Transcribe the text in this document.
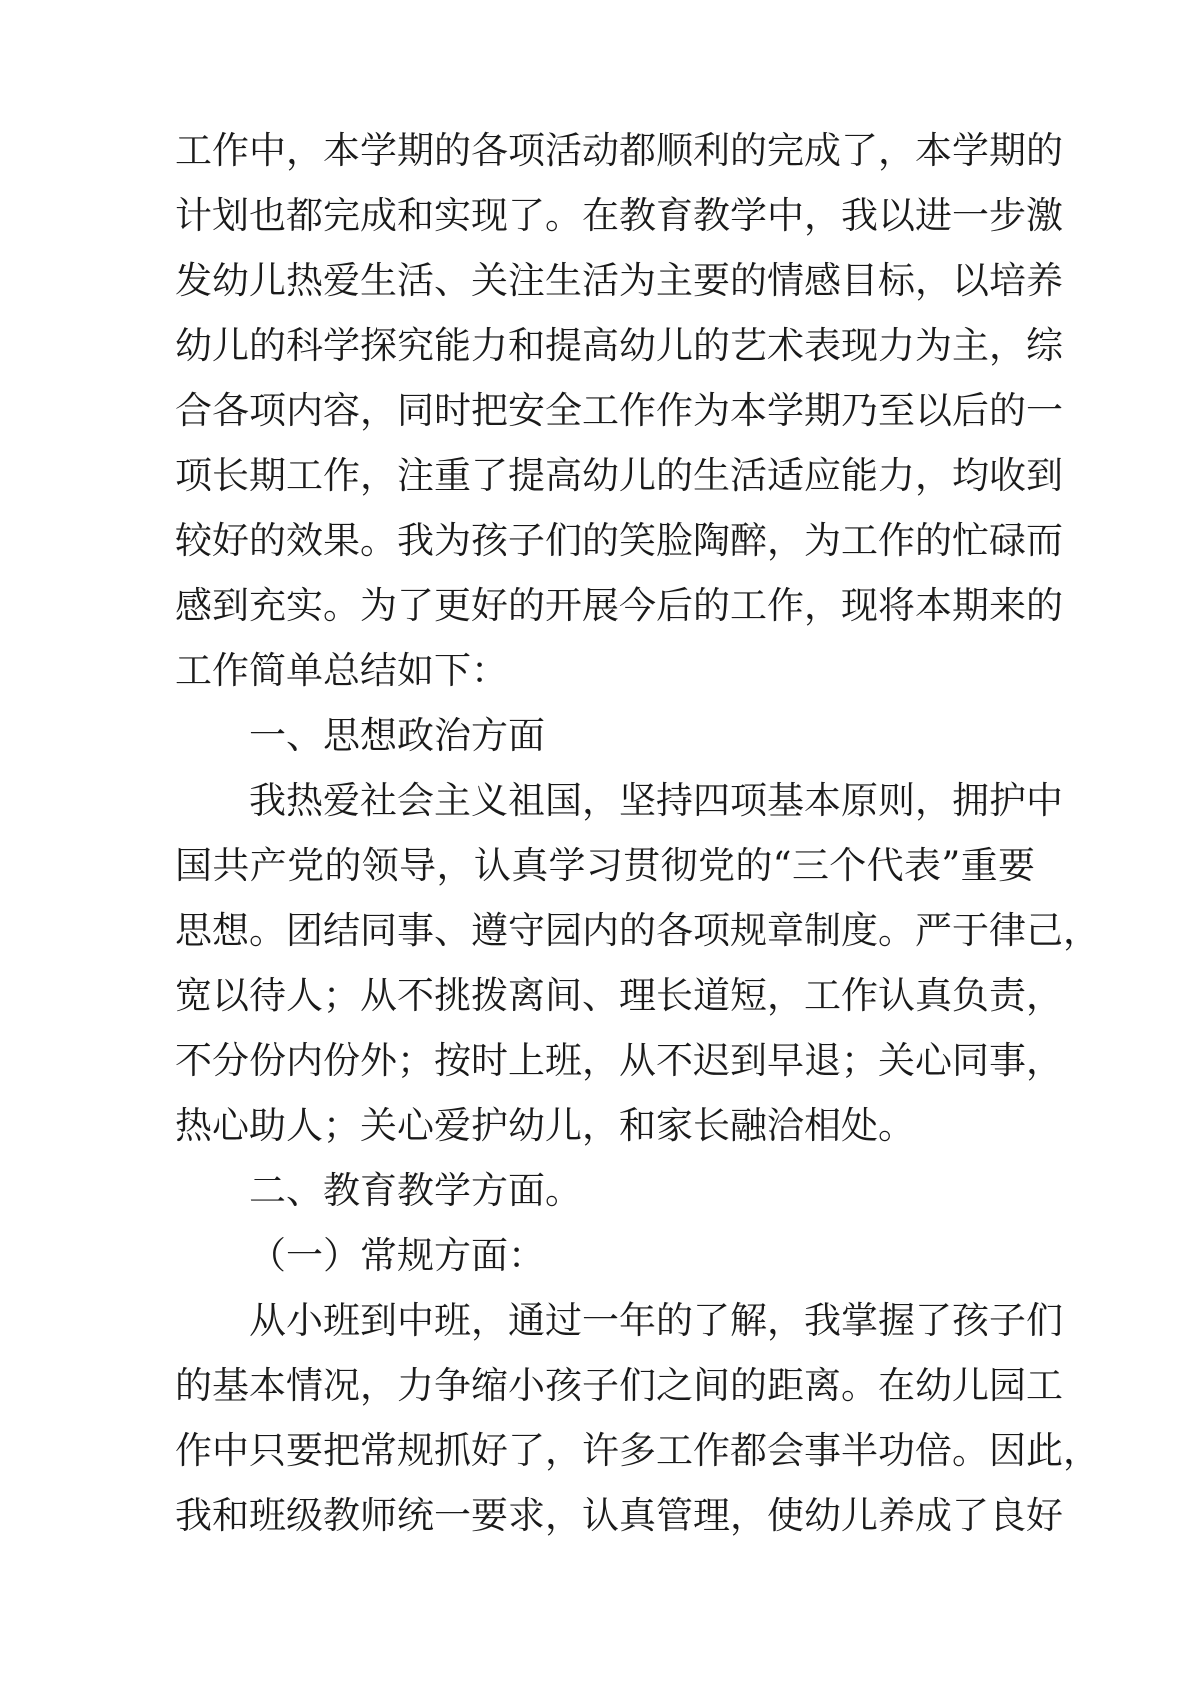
工作中，本学期的各项活动都顺利的完成了，本学期的
计划也都完成和实现了。在教育教学中，我以进一步激
发幼儿热爱生活、关注生活为主要的情感目标，以培养
幼儿的科学探究能力和提高幼儿的艺术表现力为主，综
合各项内容，同时把安全工作作为本学期乃至以后的一
项长期工作，注重了提高幼儿的生活适应能力，均收到
较好的效果。我为孩子们的笑脸陶醉，为工作的忙碌而
感到充实。为了更好的开展今后的工作，现将本期来的
工作简单总结如下：
一、思想政治方面
我热爱社会主义祖国，坚持四项基本原则，拥护中
国共产党的领导，认真学习贯彻党的“三个代表”重要
思想。团结同事、遵守园内的各项规章制度。严于律己，
宽以待人；从不挑拨离间、理长道短，工作认真负责，
不分份内份外；按时上班，从不迟到早退；关心同事，
热心助人；关心爱护幼儿，和家长融洽相处。
二、教育教学方面。
（一）常规方面：
从小班到中班，通过一年的了解，我掌握了孩子们
的基本情况，力争缩小孩子们之间的距离。在幼儿园工
作中只要把常规抓好了，许多工作都会事半功倍。因此，
我和班级教师统一要求，认真管理，使幼儿养成了良好
